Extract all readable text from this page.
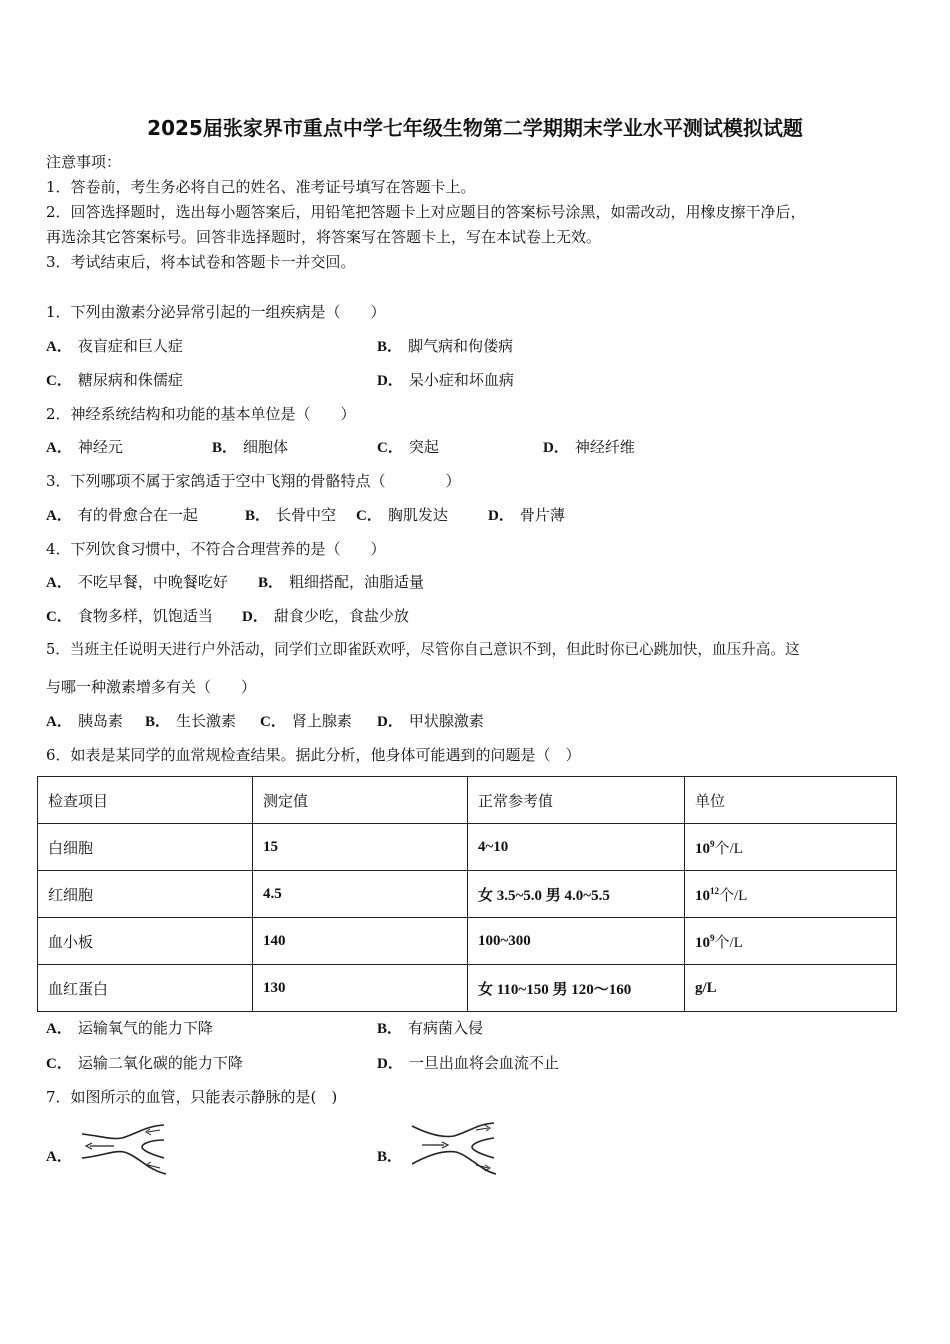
2025届张家界市重点中学七年级生物第二学期期末学业水平测试模拟试题
注意事项：
1．答卷前，考生务必将自己的姓名、准考证号填写在答题卡上。
2．回答选择题时，选出每小题答案后，用铅笔把答题卡上对应题目的答案标号涂黑，如需改动，用橡皮擦干净后，
再选涂其它答案标号。回答非选择题时，将答案写在答题卡上，写在本试卷上无效。
3．考试结束后，将本试卷和答题卡一并交回。
1．下列由激素分泌异常引起的一组疾病是（　　）
A． 夜盲症和巨人症	B． 脚气病和佝偻病
C． 糖尿病和侏儒症	D． 呆小症和坏血病
2．神经系统结构和功能的基本单位是（　　）
A． 神经元	B． 细胞体	C． 突起	D． 神经纤维
3．下列哪项不属于家鸽适于空中飞翔的骨骼特点（　　　　）
A． 有的骨愈合在一起	B． 长骨中空 C． 胸肌发达	D． 骨片薄
4．下列饮食习惯中，不符合合理营养的是（　　）
A． 不吃早餐，中晚餐吃好 B． 粗细搭配，油脂适量
C． 食物多样，饥饱适当 D． 甜食少吃，食盐少放
5．当班主任说明天进行户外活动，同学们立即雀跃欢呼，尽管你自己意识不到，但此时你已心跳加快，血压升高。这
与哪一种激素增多有关（　　）
A． 胰岛素 B． 生长激素 C． 肾上腺素 D． 甲状腺激素
6．如表是某同学的血常规检查结果。据此分析，他身体可能遇到的问题是（　）
检查项目	测定值	正常参考值	单位
白细胞	15	4~10	$10^9$个/L
红细胞	4.5	女 3.5~5.0 男 4.0~5.5	$10^{12}$个/L
血小板	140	100~300	$10^9$个/L
血红蛋白	130	女 110~150 男 120～160	g/L
A． 运输氧气的能力下降	B． 有病菌入侵
C． 运输二氧化碳的能力下降	D． 一旦出血将会血流不止
7．如图所示的血管，只能表示静脉的是(　)
A．	B．
